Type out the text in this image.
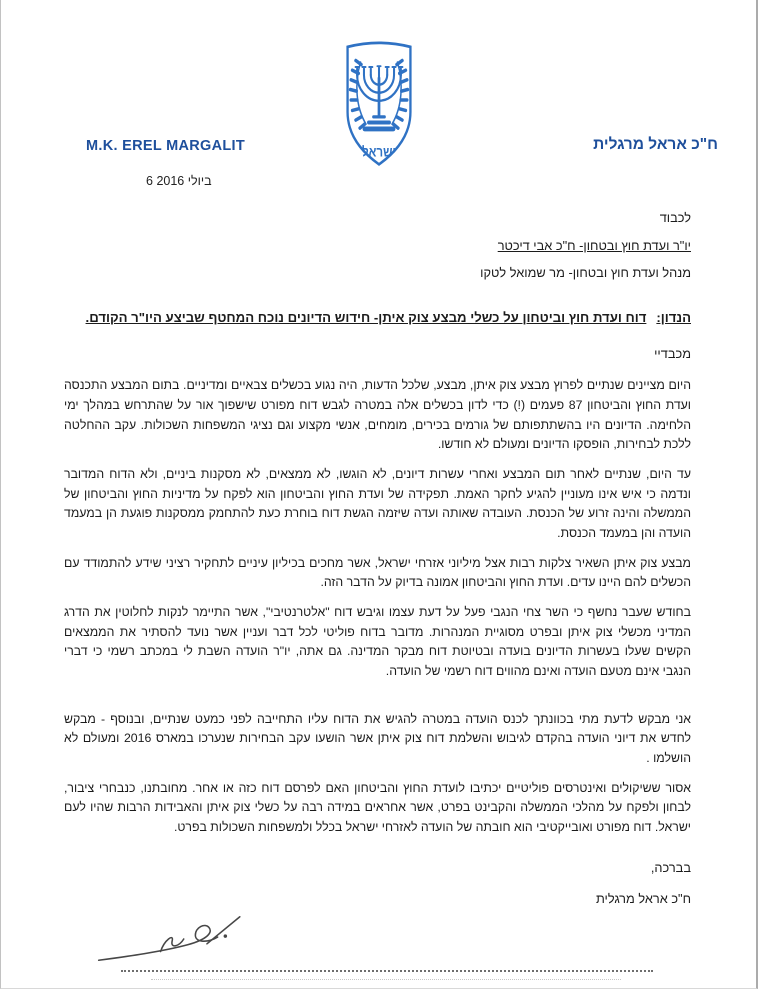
ישראל
M.K. EREL MARGALIT	ח"כ אראל מרגלית
6 ביולי 2016
לכבוד
יו"ר ועדת חוץ ובטחון- ח"כ אבי דיכטר
מנהל ועדת חוץ ובטחון- מר שמואל לטקו
הנדון:דוח ועדת חוץ וביטחון על כשלי מבצע צוק איתן- חידוש הדיונים נוכח המחטף שביצע היו"ר הקודם.
מכבדיי

היום מציינים שנתיים לפרוץ מבצע צוק איתן, מבצע, שלכל הדעות, היה נגוע בכשלים צבאיים ומדיניים. בתום המבצע התכנסה ועדת החוץ והביטחון 87 פעמים (!) כדי לדון בכשלים אלה במטרה לגבש דוח מפורט שישפוך אור על שהתרחש במהלך ימי הלחימה. הדיונים היו בהשתתפותם של גורמים בכירים, מומחים, אנשי מקצוע וגם נציגי המשפחות השכולות. עקב ההחלטה ללכת לבחירות, הופסקו הדיונים ומעולם לא חודשו.

עד היום, שנתיים לאחר תום המבצע ואחרי עשרות דיונים, לא הוגשו, לא ממצאים, לא מסקנות ביניים, ולא הדוח המדובר ונדמה כי איש אינו מעוניין להגיע לחקר האמת. תפקידה של ועדת החוץ והביטחון הוא לפקח על מדיניות החוץ והביטחון של הממשלה והינה זרוע של הכנסת. העובדה שאותה ועדה שיזמה הגשת דוח בוחרת כעת להתחמק ממסקנות פוגעת הן במעמד הועדה והן במעמד הכנסת.

מבצע צוק איתן השאיר צלקות רבות אצל מיליוני אזרחי ישראל, אשר מחכים בכיליון עיניים לתחקיר רציני שידע להתמודד עם הכשלים להם היינו עדים. ועדת החוץ והביטחון אמונה בדיוק על הדבר הזה.

בחודש שעבר נחשף כי השר צחי הנגבי פעל על דעת עצמו וגיבש דוח "אלטרנטיבי", אשר התיימר לנקות לחלוטין את הדרג המדיני מכשלי צוק איתן ובפרט מסוגיית המנהרות. מדובר בדוח פוליטי לכל דבר ועניין אשר נועד להסתיר את הממצאים הקשים שעלו בעשרות הדיונים בועדה ובטיוטת דוח מבקר המדינה. גם אתה, יו"ר הועדה השבת לי במכתב רשמי כי דברי הנגבי אינם מטעם הועדה ואינם מהווים דוח רשמי של הועדה.

אני מבקש לדעת מתי בכוונתך לכנס הועדה במטרה להגיש את הדוח עליו התחייבה לפני כמעט שנתיים, ובנוסף - מבקש לחדש את דיוני הועדה בהקדם לגיבוש והשלמת דוח צוק איתן אשר הושעו עקב הבחירות שנערכו במארס 2016 ומעולם לא הושלמו .

אסור ששיקולים ואינטרסים פוליטיים יכתיבו לועדת החוץ והביטחון האם לפרסם דוח כזה או אחר. מחובתנו, כנבחרי ציבור, לבחון ולפקח על מהלכי הממשלה והקבינט בפרט, אשר אחראים במידה רבה על כשלי צוק איתן והאבידות הרבות שהיו לעם ישראל. דוח מפורט ואובייקטיבי הוא חובתה של הועדה לאזרחי ישראל בכלל ולמשפחות השכולות בפרט.

בברכה,
ח"כ אראל מרגלית
